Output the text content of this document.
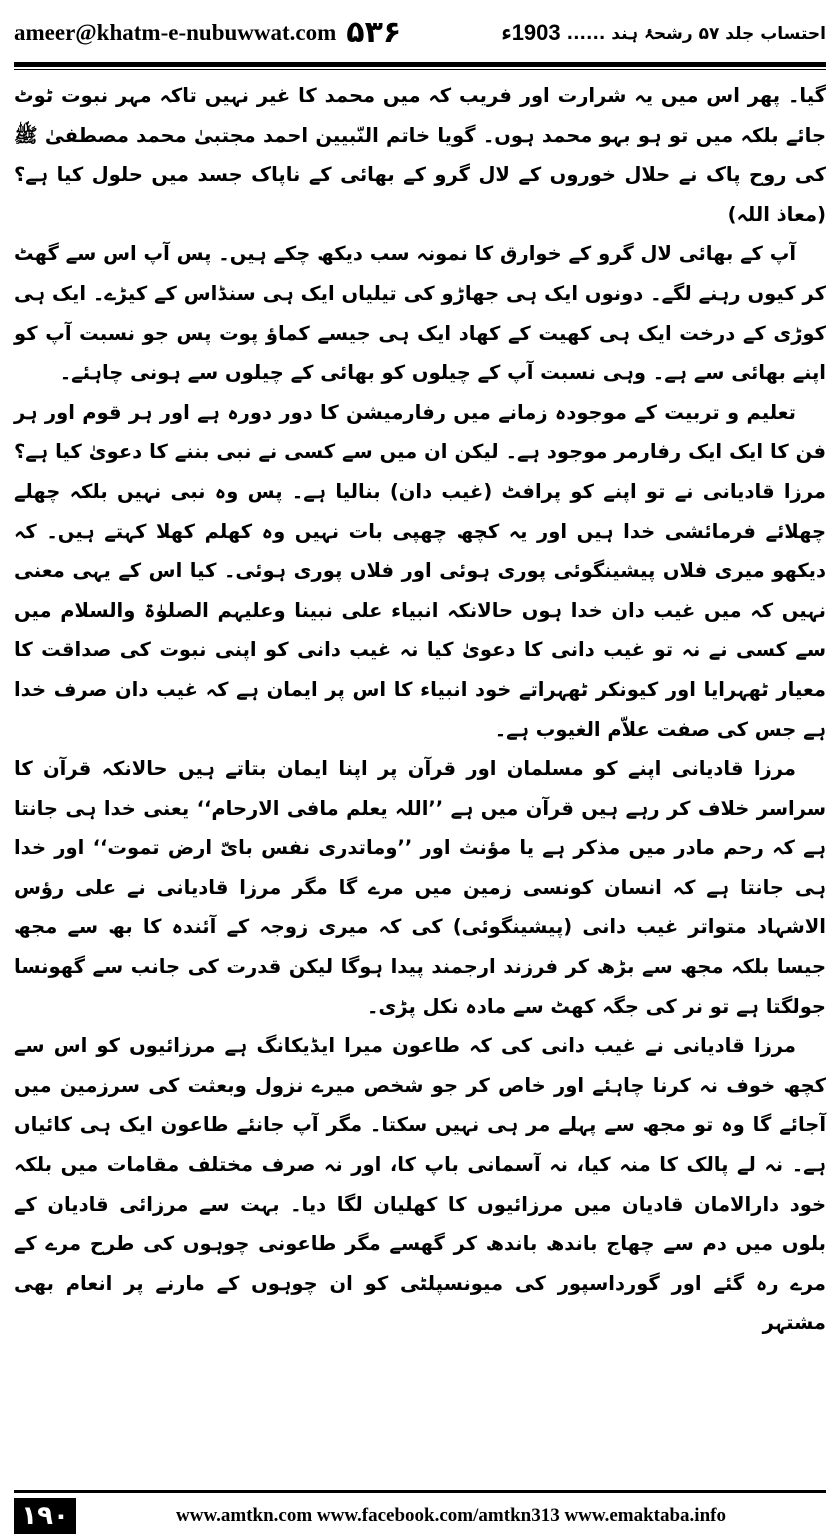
ameer@khatm-e-nubuwwat.com ۵۳۶	احتساب جلد ۵۷ رشحۂ ہند ......
1903ء

گیا۔ پھر اس میں یہ شرارت اور فریب کہ میں محمد کا غیر نہیں تاکہ مہر نبوت ٹوٹ جائے بلکہ میں تو ہو بہو محمد ہوں۔ گویا خاتم النّبیین احمد مجتبیٰ محمد مصطفیٰ ﷺ کی روح پاک نے حلال خوروں کے لال گرو کے بھائی کے ناپاک جسد میں حلول کیا ہے؟ (معاذ اللہ)

آپ کے بھائی لال گرو کے خوارق کا نمونہ سب دیکھ چکے ہیں۔ پس آپ اس سے گھٹ کر کیوں رہنے لگے۔ دونوں ایک ہی جھاڑو کی تیلیاں ایک ہی سنڈاس کے کیڑے۔ ایک ہی کوڑی کے درخت ایک ہی کھیت کے کھاد ایک ہی جیسے کماؤ پوت پس جو نسبت آپ کو اپنے بھائی سے ہے۔ وہی نسبت آپ کے چیلوں کو بھائی کے چیلوں سے ہونی چاہئے۔

تعلیم و تربیت کے موجودہ زمانے میں رفارمیشن کا دور دورہ ہے اور ہر قوم اور ہر فن کا ایک ایک رفارمر موجود ہے۔ لیکن ان میں سے کسی نے نبی بننے کا دعویٰ کیا ہے؟ مرزا قادیانی نے تو اپنے کو پرافٹ (غیب دان) بنالیا ہے۔ پس وہ نبی نہیں بلکہ چھلے چھلائے فرمائشی خدا ہیں اور یہ کچھ چھپی بات نہیں وہ کھلم کھلا کہتے ہیں۔ کہ دیکھو میری فلاں پیشینگوئی پوری ہوئی اور فلاں پوری ہوئی۔ کیا اس کے یہی معنی نہیں کہ میں غیب دان خدا ہوں حالانکہ انبیاء علی نبینا وعلیہم الصلوٰۃ والسلام میں سے کسی نے نہ تو غیب دانی کا دعویٰ کیا نہ غیب دانی کو اپنی نبوت کی صداقت کا معیار ٹھہرایا اور کیونکر ٹھہراتے خود انبیاء کا اس پر ایمان ہے کہ غیب دان صرف خدا ہے جس کی صفت علاّم الغیوب ہے۔

مرزا قادیانی اپنے کو مسلمان اور قرآن پر اپنا ایمان بتاتے ہیں حالانکہ قرآن کا سراسر خلاف کر رہے ہیں قرآن میں ہے ’’اللہ یعلم مافی الارحام‘‘ یعنی خدا ہی جانتا ہے کہ رحم مادر میں مذکر ہے یا مؤنث اور ’’وماتدری نفس بایّ ارض تموت‘‘ اور خدا ہی جانتا ہے کہ انسان کونسی زمین میں مرے گا مگر مرزا قادیانی نے علی رؤس الاشہاد متواتر غیب دانی (پیشینگوئی) کی کہ میری زوجہ کے آئندہ کا بھ سے مجھ جیسا بلکہ مجھ سے بڑھ کر فرزند ارجمند پیدا ہوگا لیکن قدرت کی جانب سے گھونسا جولگتا ہے تو نر کی جگہ کھٹ سے مادہ نکل پڑی۔

مرزا قادیانی نے غیب دانی کی کہ طاعون میرا ایڈیکانگ ہے مرزائیوں کو اس سے کچھ خوف نہ کرنا چاہئے اور خاص کر جو شخص میرے نزول وبعثت کی سرزمین میں آجائے گا وہ تو مجھ سے پہلے مر ہی نہیں سکتا۔ مگر آپ جانئے طاعون ایک ہی کائیاں ہے۔ نہ لے پالک کا منہ کیا، نہ آسمانی باپ کا، اور نہ صرف مختلف مقامات میں بلکہ خود دارالامان قادیان میں مرزائیوں کا کھلیان لگا دیا۔ بہت سے مرزائی قادیان کے بلوں میں دم سے چھاج باندھ باندھ کر گھسے مگر طاعونی چوہوں کی طرح مرے کے مرے رہ گئے اور گورداسپور کی میونسپلٹی کو ان چوہوں کے مارنے پر انعام بھی مشتہر

۱۹۰	www.amtkn.com www.facebook.com/amtkn313 www.emaktaba.info
